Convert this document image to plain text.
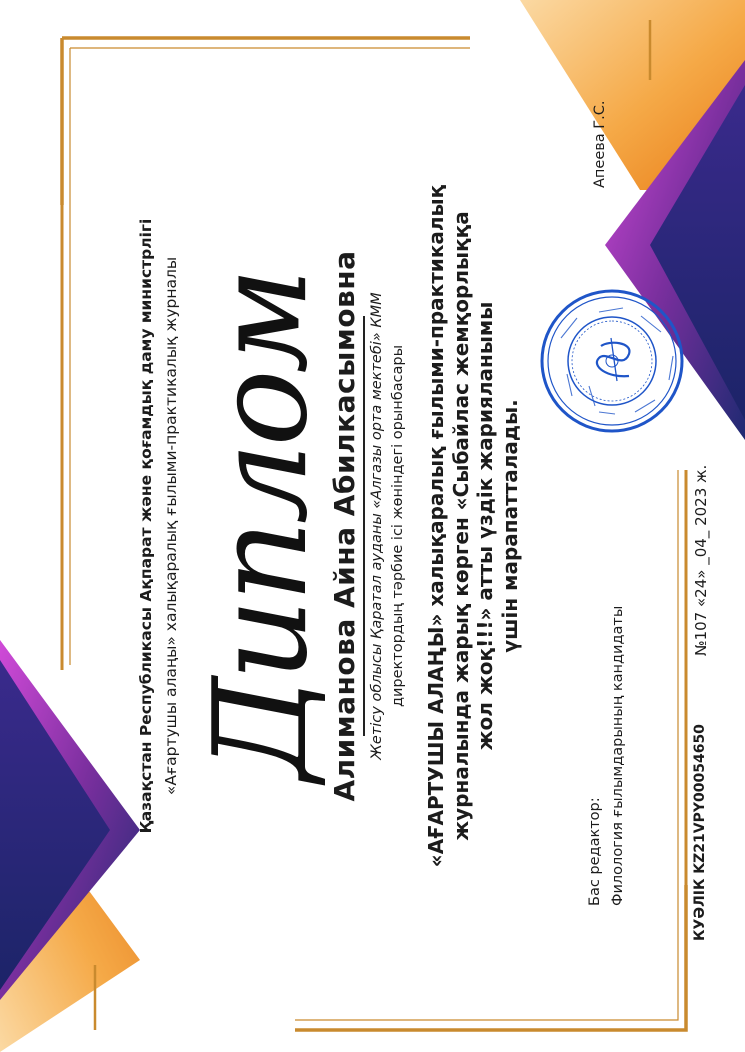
Қазақстан Республикасы Ақпарат және қоғамдық даму министрлігі «Ағартушы алаңы» халықаралық ғылыми-практикалық журналы Диплом
Алиманова Айна Абилкасымовна Жетісу облысы Қаратал ауданы «Алгазы орта мектебі» КММ директордың тәрбие ісі жөніндегі орынбасары «АҒАРТУШЫ АЛАҢЫ» халықаралық ғылыми-практикалық журналында жарық көрген «Сыбайлас жемқорлыққа жол жоқ!!!» атты үздік жарияланымы үшін марапатталады.
Бас редактор: Филология ғылымдарының кандидаты
Апеева Г.С.
КУӘЛІК KZ21VPY00054650
№107 «24» _04_ 2023 ж.
